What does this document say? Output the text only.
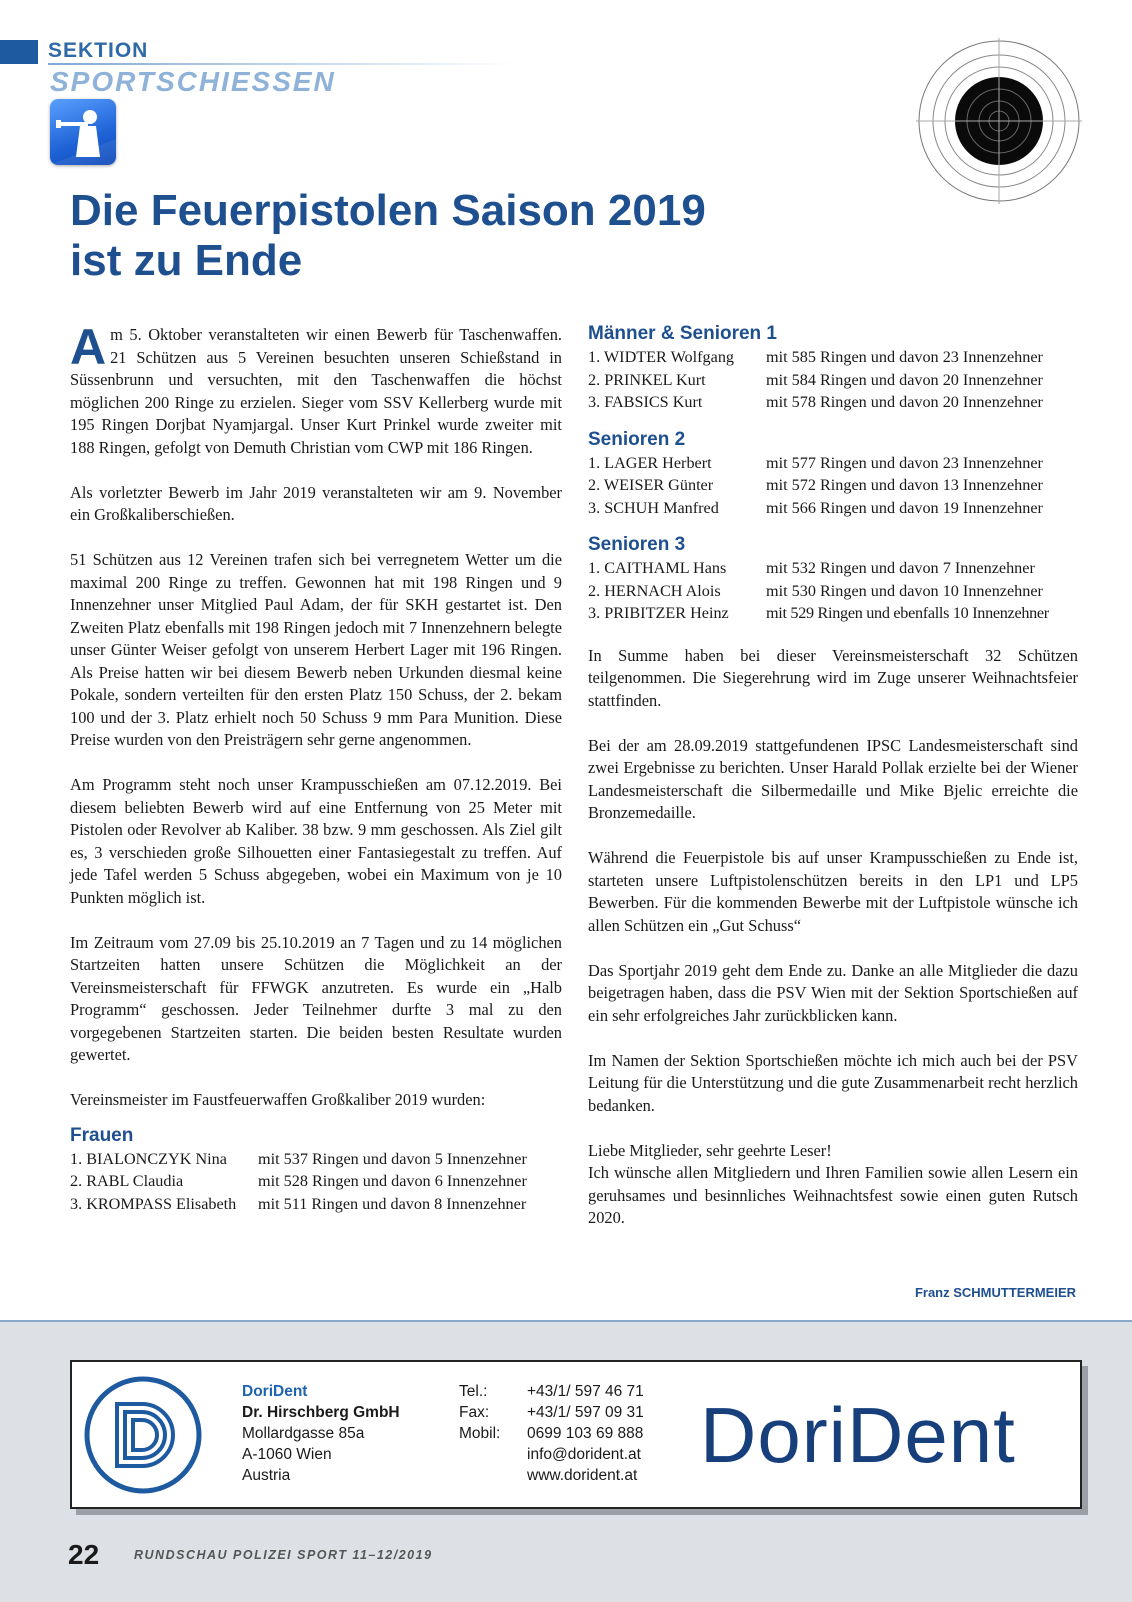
SEKTION
SPORTSCHIESSEN
Die Feuerpistolen Saison 2019
ist zu Ende

Am 5. Oktober veranstalteten wir einen Bewerb für Taschenwaffen. 21 Schützen aus 5 Vereinen besuchten unseren Schießstand in Süssenbrunn und versuchten, mit den Taschenwaffen die höchst möglichen 200 Ringe zu erzielen. Sieger vom SSV Kellerberg wurde mit 195 Ringen Dorjbat Nyamjargal. Unser Kurt Prinkel wurde zweiter mit 188 Ringen, gefolgt von Demuth Christian vom CWP mit 186 Ringen.

Als vorletzter Bewerb im Jahr 2019 veranstalteten wir am 9. November ein Großkaliberschießen.

51 Schützen aus 12 Vereinen trafen sich bei verregnetem Wetter um die maximal 200 Ringe zu treffen. Gewonnen hat mit 198 Ringen und 9 Innenzehner unser Mitglied Paul Adam, der für SKH gestartet ist. Den Zweiten Platz ebenfalls mit 198 Ringen jedoch mit 7 Innenzehnern belegte unser Günter Weiser gefolgt von unserem Herbert Lager mit 196 Ringen. Als Preise hatten wir bei diesem Bewerb neben Urkunden diesmal keine Pokale, sondern verteilten für den ersten Platz 150 Schuss, der 2. bekam 100 und der 3. Platz erhielt noch 50 Schuss 9 mm Para Munition. Diese Preise wurden von den Preisträgern sehr gerne angenommen.

Am Programm steht noch unser Krampusschießen am 07.12.2019. Bei diesem beliebten Bewerb wird auf eine Entfernung von 25 Meter mit Pistolen oder Revolver ab Kaliber. 38 bzw. 9 mm geschossen. Als Ziel gilt es, 3 verschieden große Silhouetten einer Fantasiegestalt zu treffen. Auf jede Tafel werden 5 Schuss abgegeben, wobei ein Maximum von je 10 Punkten möglich ist.

Im Zeitraum vom 27.09 bis 25.10.2019 an 7 Tagen und zu 14 möglichen Startzeiten hatten unsere Schützen die Möglichkeit an der Vereinsmeisterschaft für FFWGK anzutreten. Es wurde ein „Halb Programm“ geschossen. Jeder Teilnehmer durfte 3 mal zu den vorgegebenen Startzeiten starten. Die beiden besten Resultate wurden gewertet.

Vereinsmeister im Faustfeuerwaffen Großkaliber 2019 wurden:

Frauen
1. BIALONCZYK Nina	mit 537 Ringen und davon 5 Innenzehner
2. RABL Claudia	mit 528 Ringen und davon 6 Innenzehner
3. KROMPASS Elisabeth	mit 511 Ringen und davon 8 Innenzehner
Männer & Senioren 1
1. WIDTER Wolfgang	mit 585 Ringen und davon 23 Innenzehner
2. PRINKEL Kurt	mit 584 Ringen und davon 20 Innenzehner
3. FABSICS Kurt	mit 578 Ringen und davon 20 Innenzehner
Senioren 2
1. LAGER Herbert	mit 577 Ringen und davon 23 Innenzehner
2. WEISER Günter	mit 572 Ringen und davon 13 Innenzehner
3. SCHUH Manfred	mit 566 Ringen und davon 19 Innenzehner
Senioren 3
1. CAITHAML Hans	mit 532 Ringen und davon 7 Innenzehner
2. HERNACH Alois	mit 530 Ringen und davon 10 Innenzehner
3. PRIBITZER Heinz	mit 529 Ringen und ebenfalls 10 Innenzehner

In Summe haben bei dieser Vereinsmeisterschaft 32 Schützen teilgenommen. Die Siegerehrung wird im Zuge unserer Weihnachtsfeier stattfinden.

Bei der am 28.09.2019 stattgefundenen IPSC Landesmeisterschaft sind zwei Ergebnisse zu berichten. Unser Harald Pollak erzielte bei der Wiener Landesmeisterschaft die Silbermedaille und Mike Bjelic erreichte die Bronzemedaille.

Während die Feuerpistole bis auf unser Krampusschießen zu Ende ist, starteten unsere Luftpistolenschützen bereits in den LP1 und LP5 Bewerben. Für die kommenden Bewerbe mit der Luftpistole wünsche ich allen Schützen ein „Gut Schuss“

Das Sportjahr 2019 geht dem Ende zu. Danke an alle Mitglieder die dazu beigetragen haben, dass die PSV Wien mit der Sektion Sportschießen auf ein sehr erfolgreiches Jahr zurückblicken kann.

Im Namen der Sektion Sportschießen möchte ich mich auch bei der PSV Leitung für die Unterstützung und die gute Zusammenarbeit recht herzlich bedanken.

Liebe Mitglieder, sehr geehrte Leser!
Ich wünsche allen Mitgliedern und Ihren Familien sowie allen Lesern ein geruhsames und besinnliches Weihnachtsfest sowie einen guten Rutsch 2020.

Franz SCHMUTTERMEIER
DoriDent
Dr. Hirschberg GmbH
Mollardgasse 85a
A-1060 Wien
Austria
Tel.:	+43/1/ 597 46 71
Fax: +43/1/ 597 09 31
Mobil: 0699 103 69 888
info@dorident.at
www.dorident.at DoriDent
22	RUNDSCHAU POLIZEI SPORT 11–12/2019
